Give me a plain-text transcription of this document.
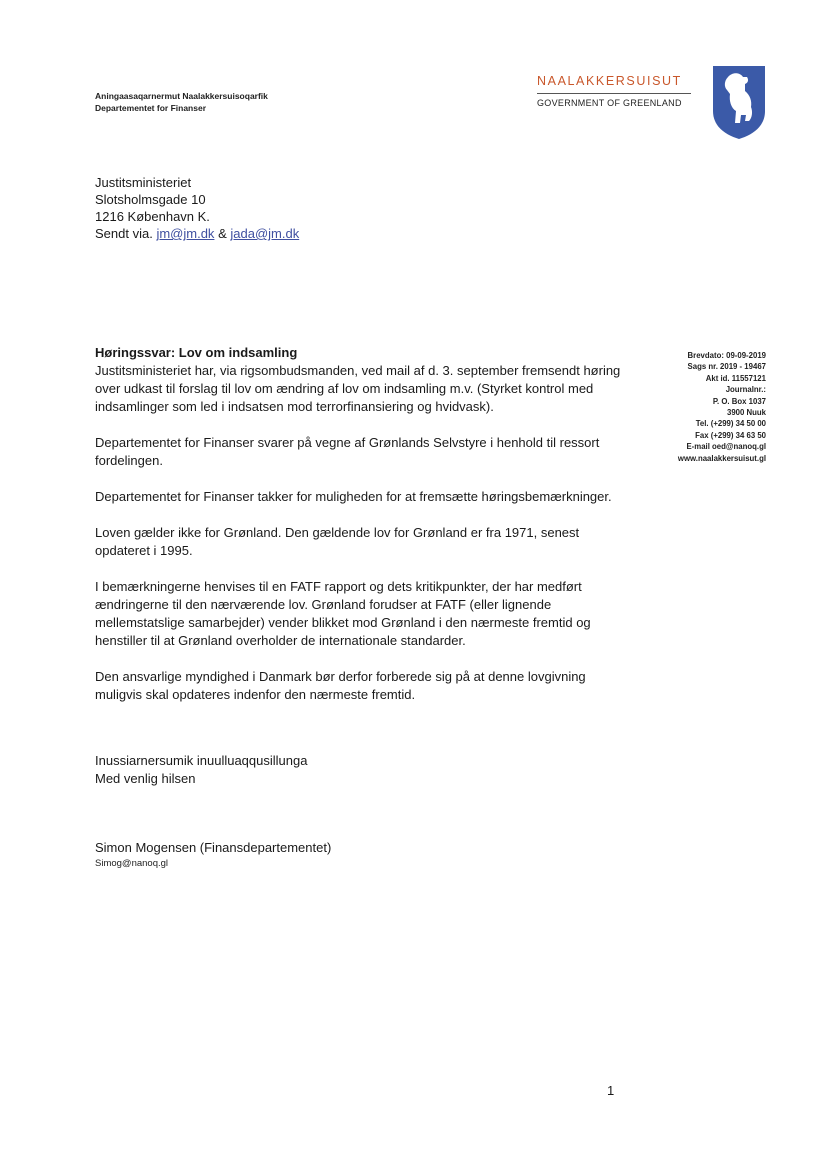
Aningaasaqarnermut Naalakkersuisoqarfik
Departementet for Finanser
NAALAKKERSUISUT
GOVERNMENT OF GREENLAND
Justitsministeriet
Slotsholmsgade 10
1216 København K.
Sendt via. jm@jm.dk & jada@jm.dk
Brevdato: 09-09-2019
Sags nr. 2019 - 19467
Akt id. 11557121
Journalnr.:
P. O. Box 1037
3900 Nuuk
Tel. (+299) 34 50 00
Fax (+299) 34 63 50
E-mail oed@nanoq.gl
www.naalakkersuisut.gl
Høringssvar: Lov om indsamling

Justitsministeriet har, via rigsombudsmanden, ved mail af d. 3. september fremsendt høring over udkast til forslag til lov om ændring af lov om indsamling m.v. (Styrket kontrol med indsamlinger som led i indsatsen mod terrorfinansiering og hvidvask).

Departementet for Finanser svarer på vegne af Grønlands Selvstyre i henhold til ressort fordelingen.

Departementet for Finanser takker for muligheden for at fremsætte høringsbemærkninger.

Loven gælder ikke for Grønland. Den gældende lov for Grønland er fra 1971, senest opdateret i 1995.

I bemærkningerne henvises til en FATF rapport og dets kritikpunkter, der har medført ændringerne til den nærværende lov. Grønland forudser at FATF (eller lignende mellemstatslige samarbejder) vender blikket mod Grønland i den nærmeste fremtid og henstiller til at Grønland overholder de internationale standarder.

Den ansvarlige myndighed i Danmark bør derfor forberede sig på at denne lovgivning muligvis skal opdateres indenfor den nærmeste fremtid.

Inussiarnersumik inuulluaqqusillunga
Med venlig hilsen
Simon Mogensen (Finansdepartementet)
Simog@nanoq.gl
1
